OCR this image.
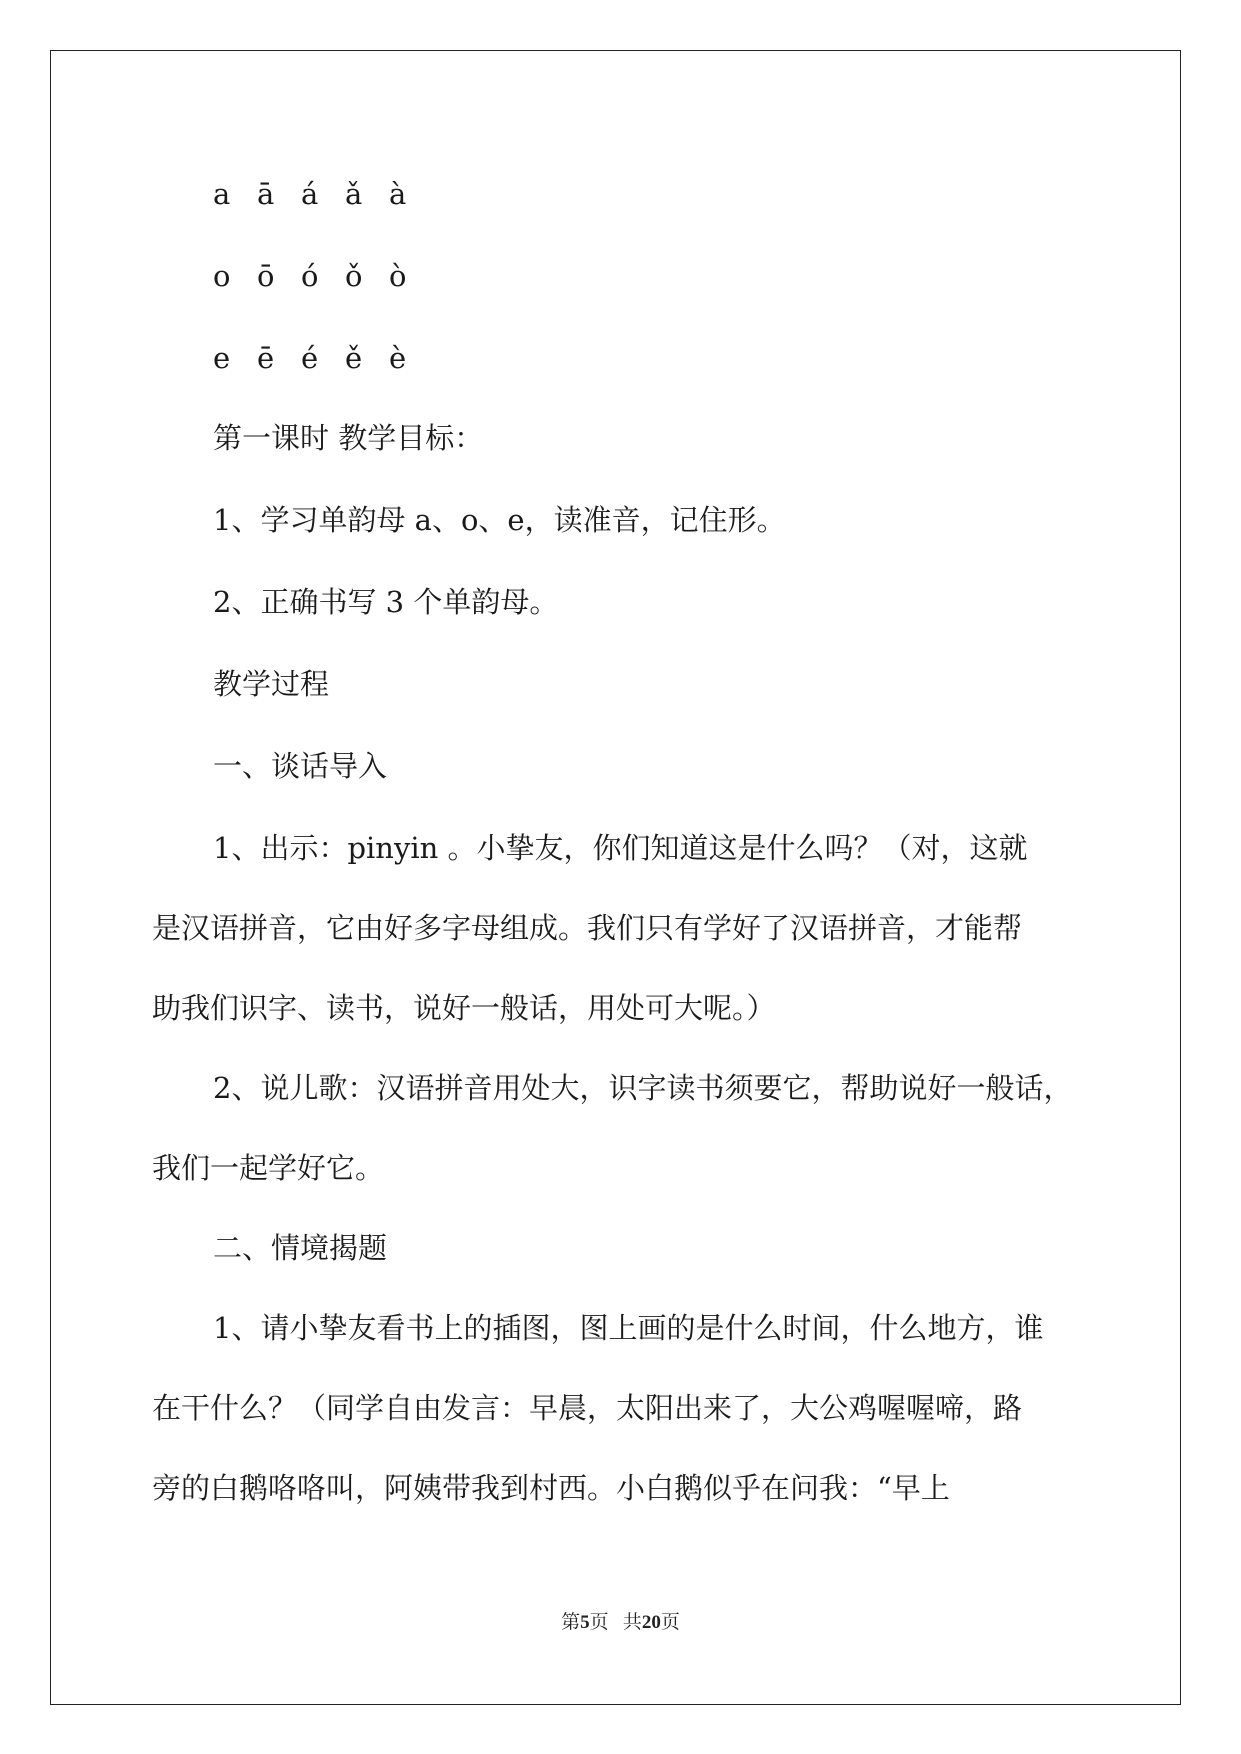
a ā á ǎ à
o ō ó ǒ ò
e ē é ě è
第一课时 教学目标：
1、学习单韵母 a、o、e，读准音，记住形。
2、正确书写 3 个单韵母。
教学过程
一、谈话导入
1、出示：pinyin 。小挚友，你们知道这是什么吗？（对，这就
是汉语拼音，它由好多字母组成。我们只有学好了汉语拼音，才能帮
助我们识字、读书，说好一般话，用处可大呢。）
2、说儿歌：汉语拼音用处大，识字读书须要它，帮助说好一般话，
我们一起学好它。
二、情境揭题
1、请小挚友看书上的插图，图上画的是什么时间，什么地方，谁
在干什么？（同学自由发言：早晨，太阳出来了，大公鸡喔喔啼，路
旁的白鹅咯咯叫，阿姨带我到村西。小白鹅似乎在问我：“早上
第5页 共20页
